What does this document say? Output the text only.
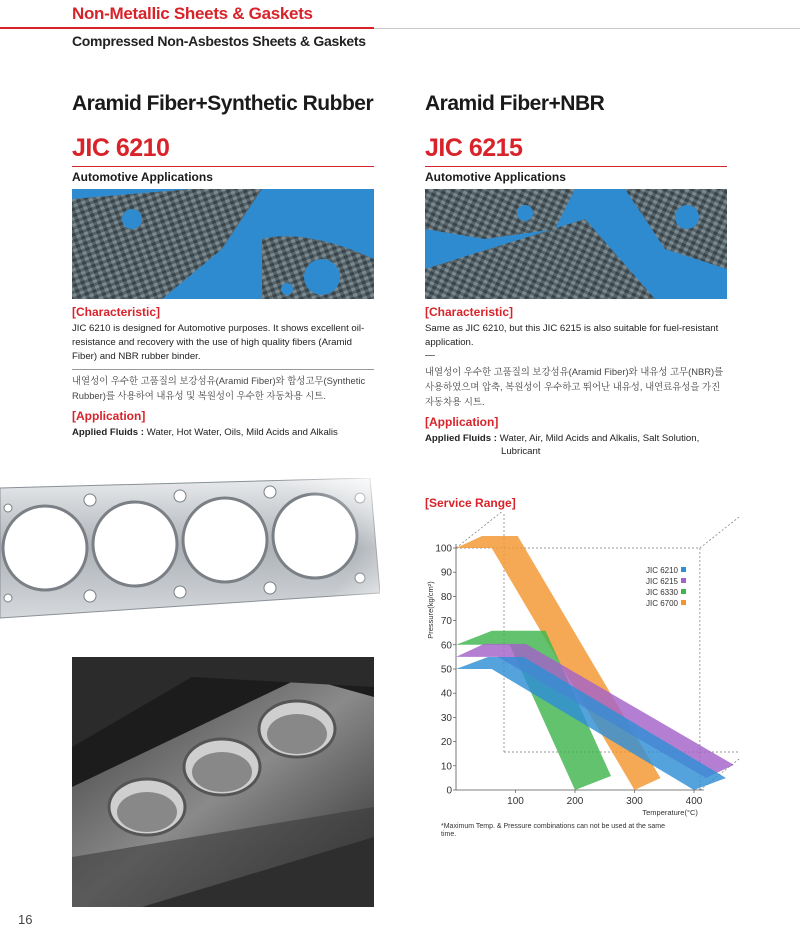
Non-Metallic Sheets & Gaskets
Compressed Non-Asbestos Sheets & Gaskets
Aramid Fiber+Synthetic Rubber
JIC 6210
Automotive Applications
[Characteristic]
JIC 6210 is designed for Automotive purposes. It shows excellent oil-resistance and recovery with the use of high quality fibers (Aramid Fiber) and NBR rubber binder.
내열성이 우수한 고품질의 보강섬유(Aramid Fiber)와 합성고무(Synthetic Rubber)를 사용하여 내유성 및 복원성이 우수한 자동차용 시트.
[Application]
Applied Fluids : Water, Hot Water, Oils, Mild Acids and Alkalis
Aramid Fiber+NBR
JIC 6215
Automotive Applications
[Characteristic]
Same as JIC 6210, but this JIC 6215 is also suitable for fuel-resistant application.
내열성이 우수한 고품질의 보강섬유(Aramid Fiber)와 내유성 고무(NBR)를 사용하였으며 압축, 복원성이 우수하고 뛰어난 내유성, 내연료유성을 가진 자동차용 시트.
[Application]
Applied Fluids : Water, Air, Mild Acids and Alkalis, Salt Solution,
Lubricant
[Service Range]
0
10
20
30
40
50
60
70
80
90
100
100	200	300	400
Pressure(kg/cm²)
Temperature(°C)
JIC 6210
JIC 6215
JIC 6330
JIC 6700
*Maximum Temp. & Pressure combinations can not be used at the same time.
16
